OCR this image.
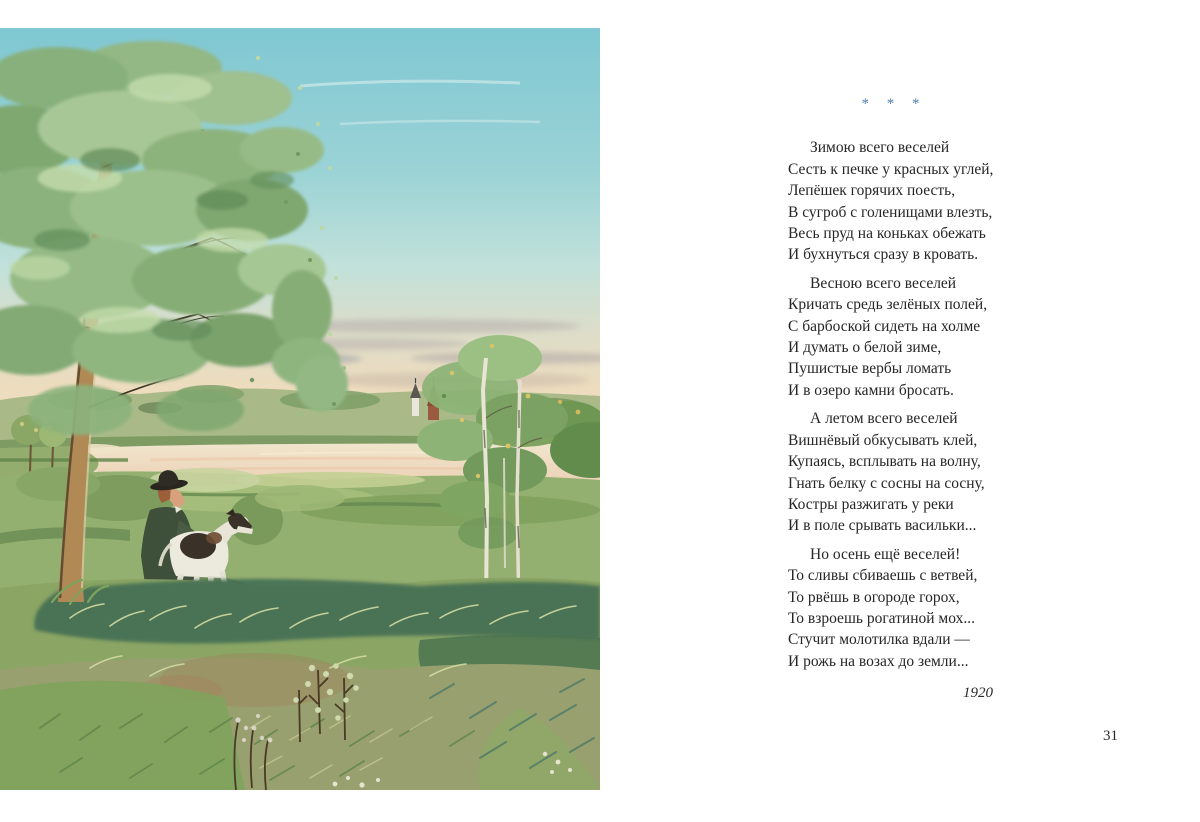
* * *
Зимою всего веселей
Сесть к печке у красных углей,
Лепёшек горячих поесть,
В сугроб с голенищами влезть,
Весь пруд на коньках обежать
И бухнуться сразу в кровать.
Весною всего веселей
Кричать средь зелёных полей,
С барбоской сидеть на холме
И думать о белой зиме,
Пушистые вербы ломать
И в озеро камни бросать.
А летом всего веселей
Вишнёвый обкусывать клей,
Купаясь, всплывать на волну,
Гнать белку с сосны на сосну,
Костры разжигать у реки
И в поле срывать васильки...
Но осень ещё веселей!
То сливы сбиваешь с ветвей,
То рвёшь в огороде горох,
То взроешь рогатиной мох...
Стучит молотилка вдали —
И рожь на возах до земли...
1920
31
